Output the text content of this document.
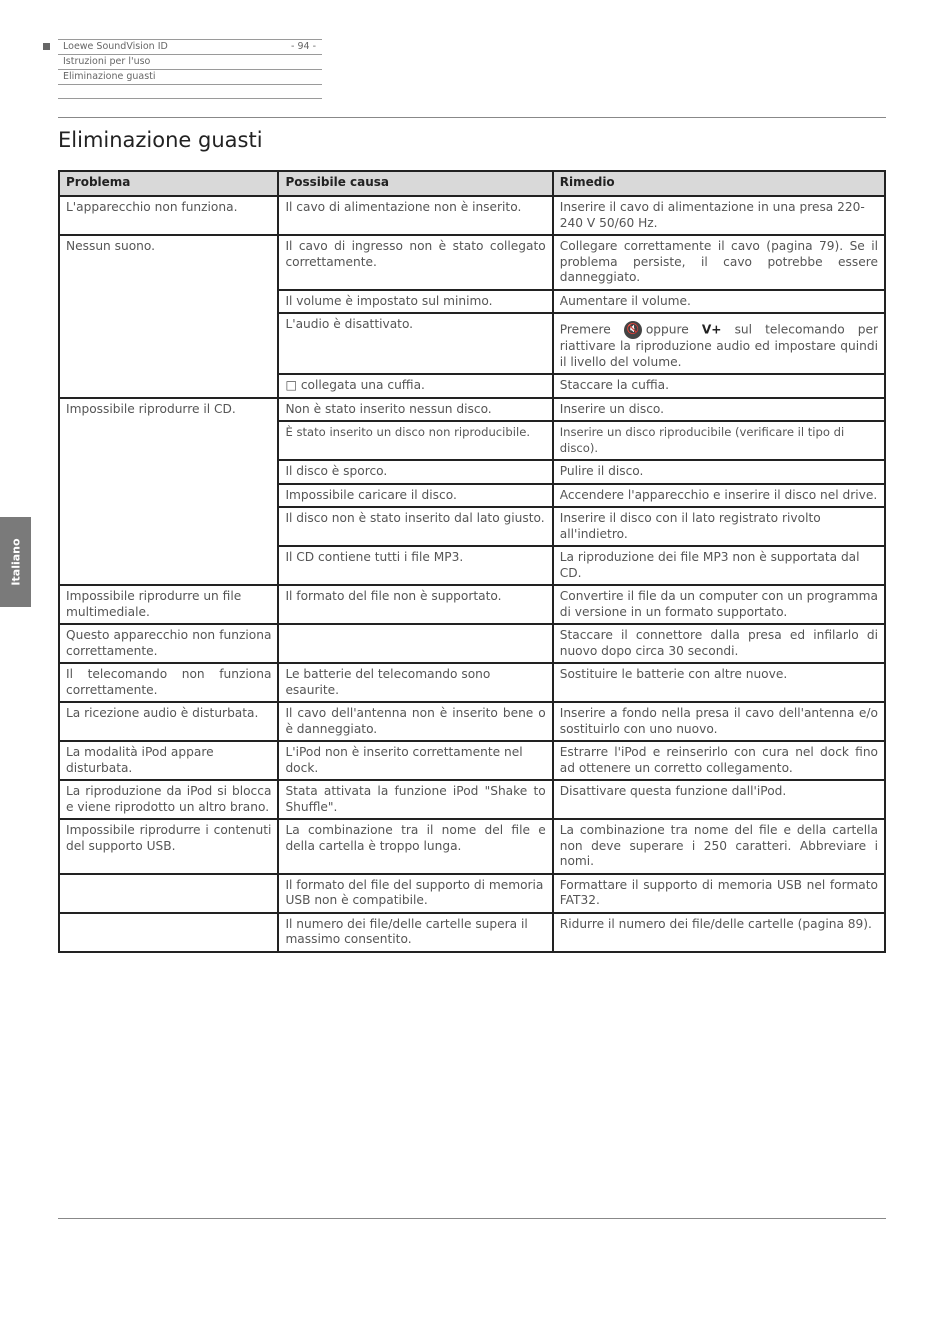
Loewe SoundVision ID	- 94 -
Istruzioni per l'uso
Eliminazione guasti
Eliminazione guasti
Italiano
Problema	Possibile causa	Rimedio
L'apparecchio non funziona.	Il cavo di alimentazione non è inserito.	Inserire il cavo di alimentazione in una presa 220-240 V 50/60 Hz.
Nessun suono.	Il cavo di ingresso non è stato collegato correttamente.	Collegare correttamente il cavo (pagina 79). Se il problema persiste, il cavo potrebbe essere danneggiato.
	Il volume è impostato sul minimo.	Aumentare il volume.
	L'audio è disattivato.	Premere 🔇 oppure V+ sul telecomando per riattivare la riproduzione audio ed impostare quindi il livello del volume.
	□ collegata una cuffia.	Staccare la cuffia.
Impossibile riprodurre il CD.	Non è stato inserito nessun disco.	Inserire un disco.
	È stato inserito un disco non riproducibile.	Inserire un disco riproducibile (verificare il tipo di disco).
	Il disco è sporco.	Pulire il disco.
	Impossibile caricare il disco.	Accendere l'apparecchio e inserire il disco nel drive.
	Il disco non è stato inserito dal lato giusto.	Inserire il disco con il lato registrato rivolto all'indietro.
	Il CD contiene tutti i file MP3.	La riproduzione dei file MP3 non è supportata dal CD.
Impossibile riprodurre un file multimediale.	Il formato del file non è supportato.	Convertire il file da un computer con un programma di versione in un formato supportato.
Questo apparecchio non funziona correttamente.		Staccare il connettore dalla presa ed infilarlo di nuovo dopo circa 30 secondi.
Il telecomando non funziona correttamente.	Le batterie del telecomando sono esaurite.	Sostituire le batterie con altre nuove.
La ricezione audio è disturbata.	Il cavo dell'antenna non è inserito bene o è danneggiato.	Inserire a fondo nella presa il cavo dell'antenna e/o sostituirlo con uno nuovo.
La modalità iPod appare disturbata.	L'iPod non è inserito correttamente nel dock.	Estrarre l'iPod e reinserirlo con cura nel dock fino ad ottenere un corretto collegamento.
La riproduzione da iPod si blocca e viene riprodotto un altro brano.	Stata attivata la funzione iPod "Shake to Shuffle".	Disattivare questa funzione dall'iPod.
Impossibile riprodurre i contenuti del supporto USB.	La combinazione tra il nome del file e della cartella è troppo lunga.	La combinazione tra nome del file e della cartella non deve superare i 250 caratteri. Abbreviare i nomi.
	Il formato del file del supporto di memoria USB non è compatibile.	Formattare il supporto di memoria USB nel formato FAT32.
	Il numero dei file/delle cartelle supera il massimo consentito.	Ridurre il numero dei file/delle cartelle (pagina 89).
